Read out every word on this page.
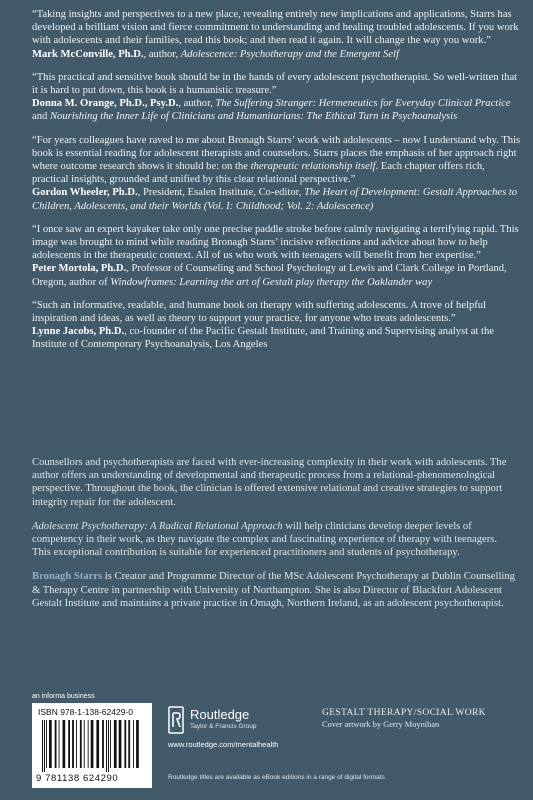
“Taking insights and perspectives to a new place, revealing entirely new implications and applications, Starrs has developed a brilliant vision and fierce commitment to understanding and healing troubled adolescents. If you work with adolescents and their families, read this book; and then read it again. It will change the way you work.”

Mark McConville, Ph.D., author, Adolescence: Psychotherapy and the Emergent Self

“This practical and sensitive book should be in the hands of every adolescent psychotherapist. So well-written that it is hard to put down, this book is a humanistic treasure.”

Donna M. Orange, Ph.D., Psy.D., author, The Suffering Stranger: Hermeneutics for Everyday Clinical Practice and Nourishing the Inner Life of Clinicians and Humanitarians: The Ethical Turn in Psychoanalysis

“For years colleagues have raved to me about Bronagh Starrs’ work with adolescents – now I understand why. This book is essential reading for adolescent therapists and counselors. Starrs places the emphasis of her approach right where outcome research shows it should be: on the therapeutic relationship itself. Each chapter offers rich, practical insights, grounded and unified by this clear relational perspective.”

Gordon Wheeler, Ph.D., President, Esalen Institute, Co-editor, The Heart of Development: Gestalt Approaches to Children, Adolescents, and their Worlds (Vol. I: Childhood; Vol. 2: Adolescence)

“I once saw an expert kayaker take only one precise paddle stroke before calmly navigating a terrifying rapid. This image was brought to mind while reading Bronagh Starrs’ incisive reflections and advice about how to help adolescents in the therapeutic context. All of us who work with teenagers will benefit from her expertise.”

Peter Mortola, Ph.D., Professor of Counseling and School Psychology at Lewis and Clark College in Portland, Oregon, author of Windowframes: Learning the art of Gestalt play therapy the Oaklander way

“Such an informative, readable, and humane book on therapy with suffering adolescents. A trove of helpful inspiration and ideas, as well as theory to support your practice, for anyone who treats adolescents.”

Lynne Jacobs, Ph.D., co-founder of the Pacific Gestalt Institute, and Training and Supervising analyst at the Institute of Contemporary Psychoanalysis, Los Angeles

Counsellors and psychotherapists are faced with ever-increasing complexity in their work with adolescents. The author offers an understanding of developmental and therapeutic process from a relational-phenomenological perspective. Throughout the book, the clinician is offered extensive relational and creative strategies to support integrity repair for the adolescent.

Adolescent Psychotherapy: A Radical Relational Approach will help clinicians develop deeper levels of competency in their work, as they navigate the complex and fascinating experience of therapy with teenagers. This exceptional contribution is suitable for experienced practitioners and students of psychotherapy.

Bronagh Starrs is Creator and Programme Director of the MSc Adolescent Psychotherapy at Dublin Counselling & Therapy Centre in partnership with University of Northampton. She is also Director of Blackfort Adolescent Gestalt Institute and maintains a private practice in Omagh, Northern Ireland, as an adolescent psychotherapist.

an informa business
ISBN 978-1-138-62429-0
9 781138 624290
Routledge
Taylor & Francis Group
www.routledge.com/mentalhealth
GESTALT THERAPY/SOCIAL WORK
Cover artwork by Gerry Moynihan
Routledge titles are available as eBook editions in a range of digital formats
